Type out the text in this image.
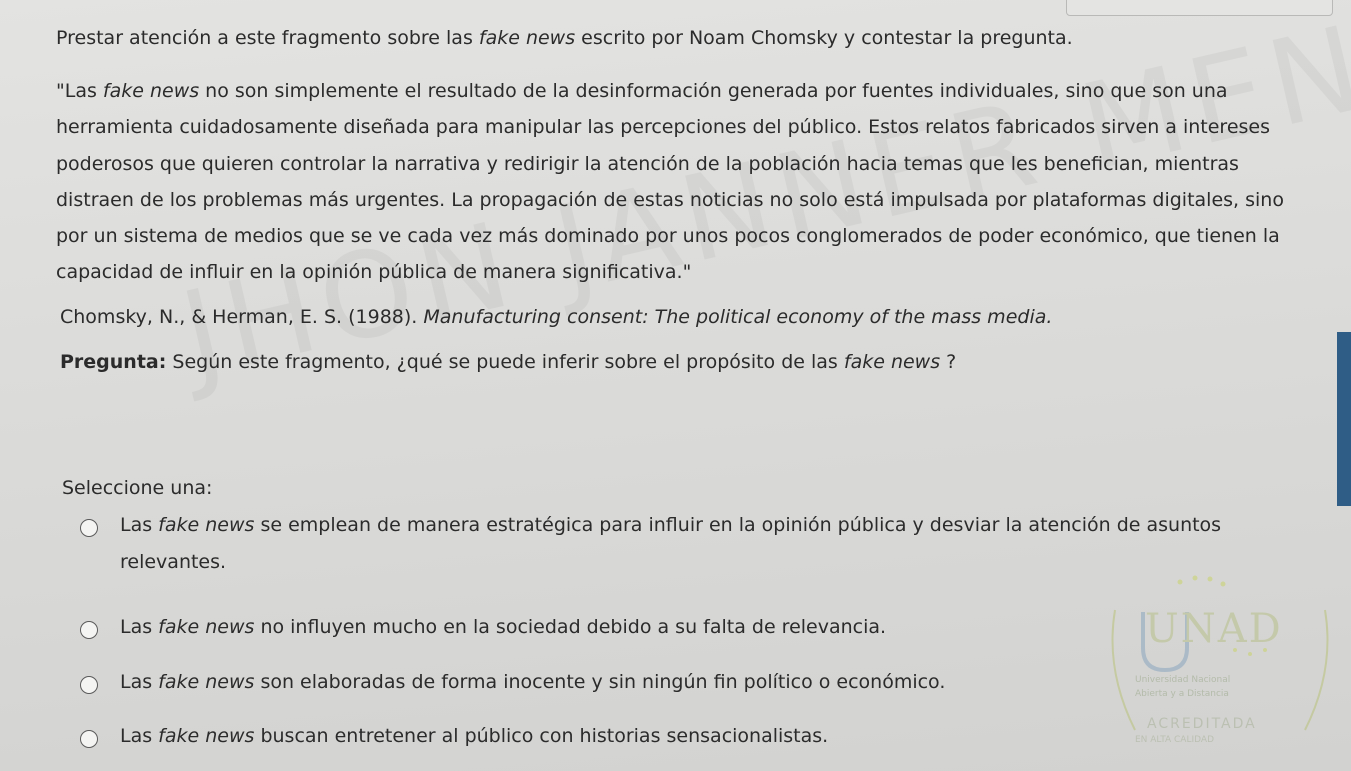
Prestar atención a este fragmento sobre las fake news escrito por Noam Chomsky y contestar la pregunta.
"Las fake news no son simplemente el resultado de la desinformación generada por fuentes individuales, sino que son una herramienta cuidadosamente diseñada para manipular las percepciones del público. Estos relatos fabricados sirven a intereses poderosos que quieren controlar la narrativa y redirigir la atención de la población hacia temas que les benefician, mientras distraen de los problemas más urgentes. La propagación de estas noticias no solo está impulsada por plataformas digitales, sino por un sistema de medios que se ve cada vez más dominado por unos pocos conglomerados de poder económico, que tienen la capacidad de influir en la opinión pública de manera significativa."
Chomsky, N., & Herman, E. S. (1988). Manufacturing consent: The political economy of the mass media.
Pregunta: Según este fragmento, ¿qué se puede inferir sobre el propósito de las fake news ?
Seleccione una:
Las fake news se emplean de manera estratégica para influir en la opinión pública y desviar la atención de asuntos relevantes.
Las fake news no influyen mucho en la sociedad debido a su falta de relevancia.
Las fake news son elaboradas de forma inocente y sin ningún fin político o económico.
Las fake news buscan entretener al público con historias sensacionalistas.
UNAD
Universidad Nacional
Abierta y a Distancia
ACREDITADA
EN ALTA CALIDAD
